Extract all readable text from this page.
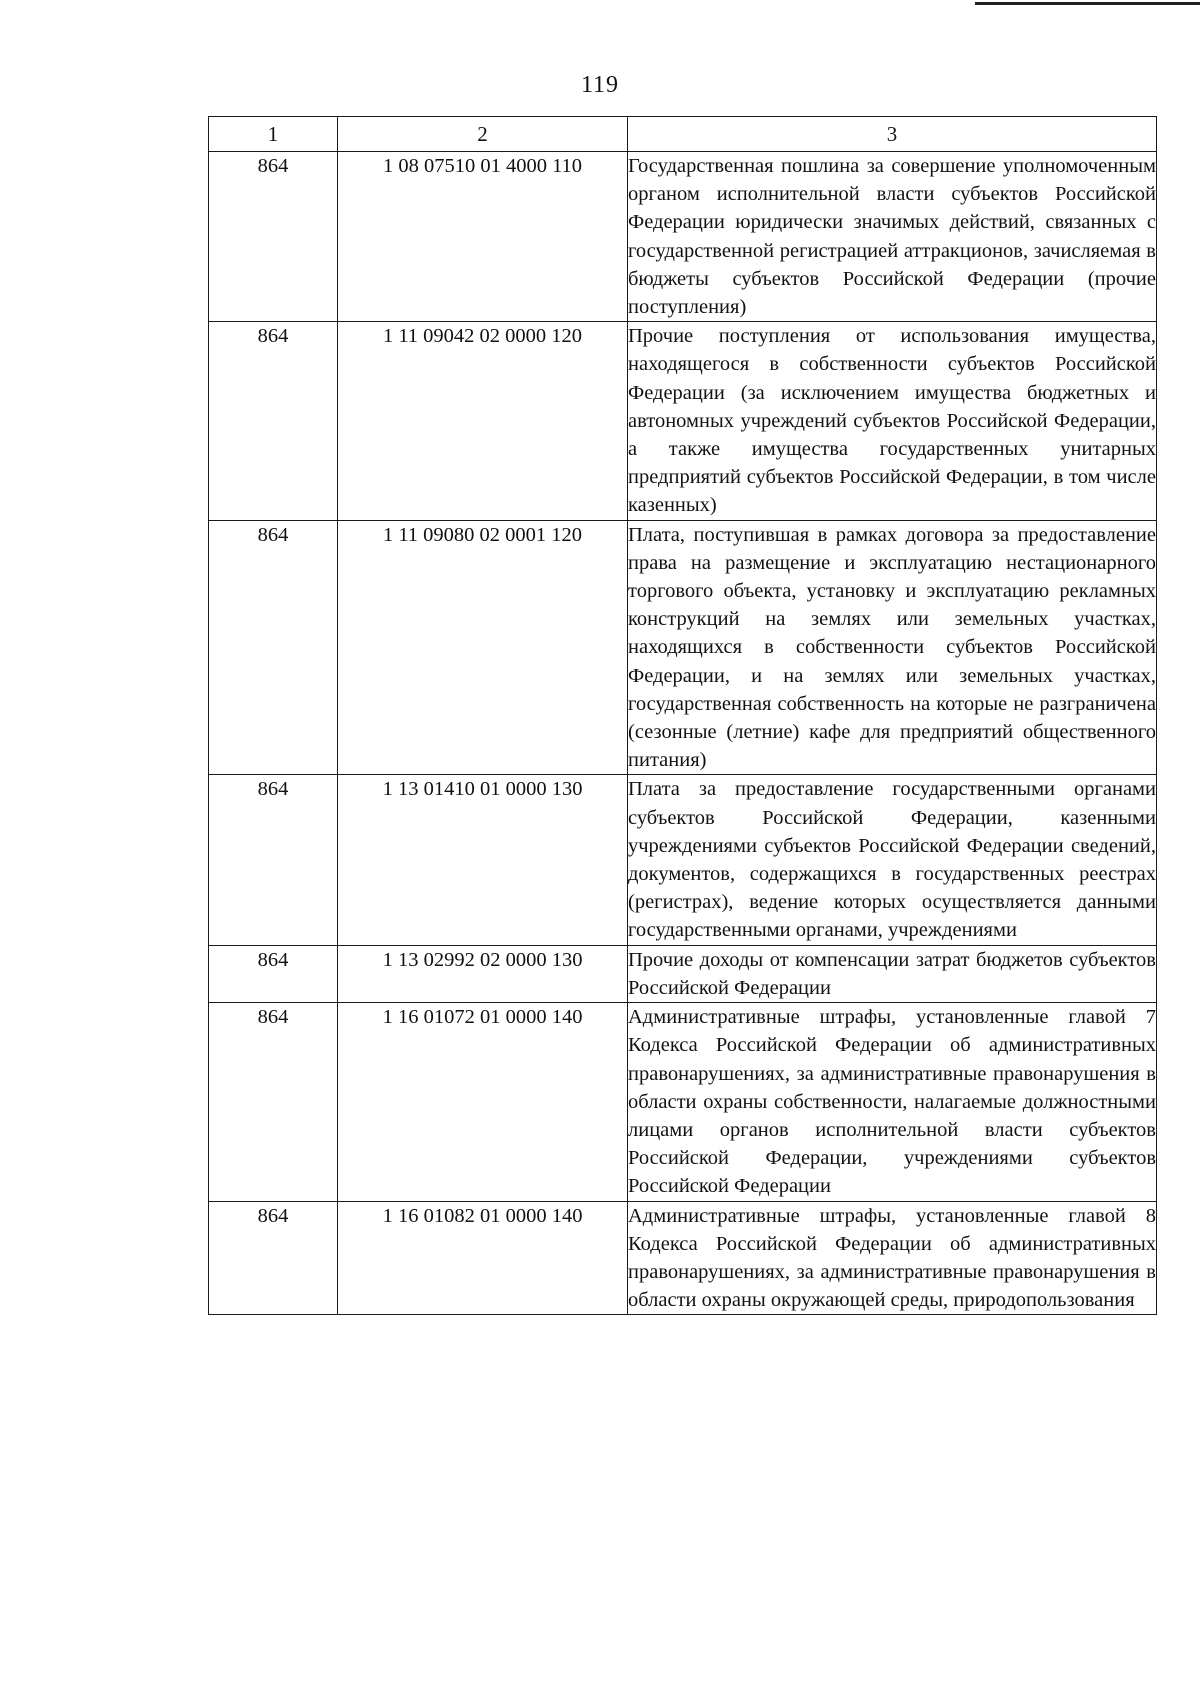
119
1	2	3
864	1 08 07510 01 4000 110	Государственная пошлина за совершение уполномоченным органом исполнительной власти субъектов Российской Федерации юридически значимых действий, связанных с государственной регистрацией аттракционов, зачисляемая в бюджеты субъектов Российской Федерации (прочие поступления)
864	1 11 09042 02 0000 120	Прочие поступления от использования имущества, находящегося в собственности субъектов Российской Федерации (за исключением имущества бюджетных и автономных учреждений субъектов Российской Федерации, а также имущества государственных унитарных предприятий субъектов Российской Федерации, в том числе казенных)
864	1 11 09080 02 0001 120	Плата, поступившая в рамках договора за предоставление права на размещение и эксплуатацию нестационарного торгового объекта, установку и эксплуатацию рекламных конструкций на землях или земельных участках, находящихся в собственности субъектов Российской Федерации, и на землях или земельных участках, государственная собственность на которые не разграничена (сезонные (летние) кафе для предприятий общественного питания)
864	1 13 01410 01 0000 130	Плата за предоставление государственными органами субъектов Российской Федерации, казенными учреждениями субъектов Российской Федерации сведений, документов, содержащихся в государственных реестрах (регистрах), ведение которых осуществляется данными государственными органами, учреждениями
864	1 13 02992 02 0000 130	Прочие доходы от компенсации затрат бюджетов субъектов Российской Федерации
864	1 16 01072 01 0000 140	Административные штрафы, установленные главой 7 Кодекса Российской Федерации об административных правонарушениях, за административные правонарушения в области охраны собственности, налагаемые должностными лицами органов исполнительной власти субъектов Российской Федерации, учреждениями субъектов Российской Федерации
864	1 16 01082 01 0000 140	Административные штрафы, установленные главой 8 Кодекса Российской Федерации об административных правонарушениях, за административные правонарушения в области охраны окружающей среды, природопользования
